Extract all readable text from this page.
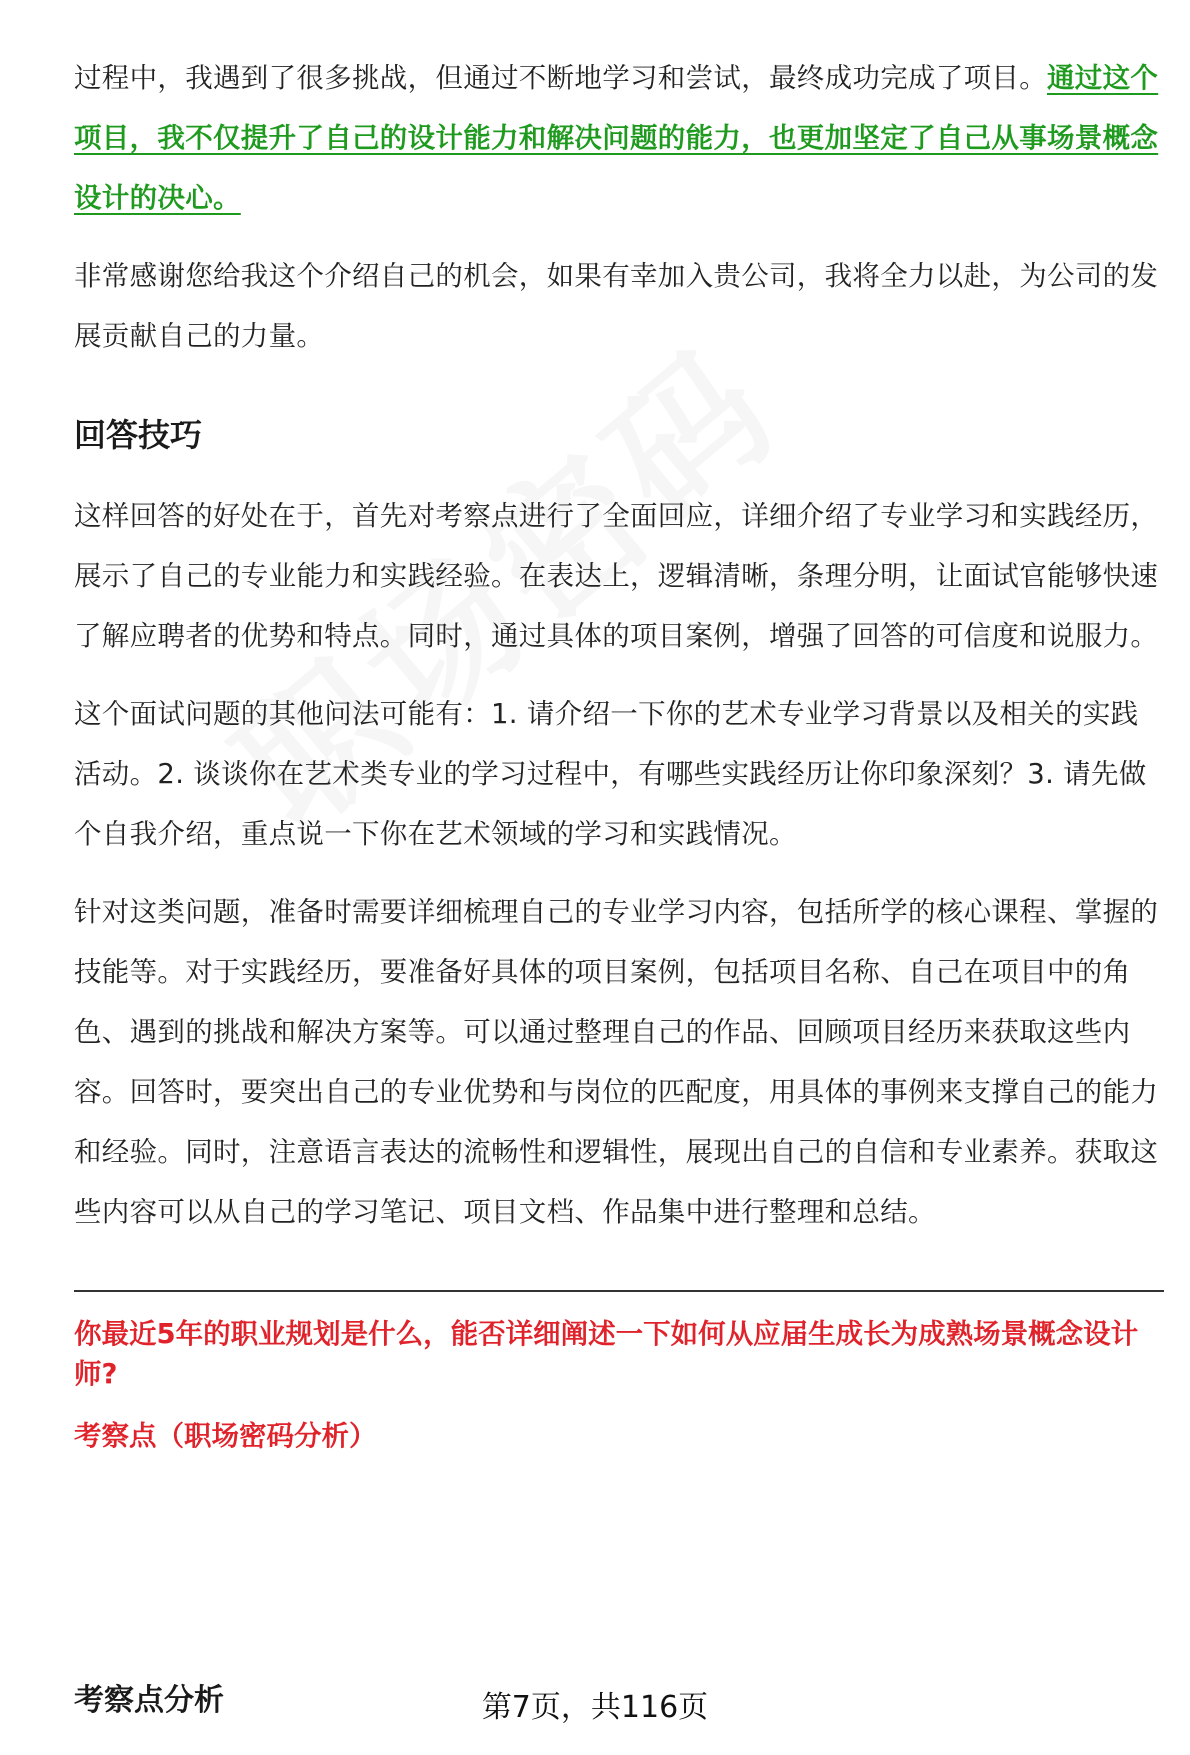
过程中，我遇到了很多挑战，但通过不断地学习和尝试，最终成功完成了项目。通过这个项目，我不仅提升了自己的设计能力和解决问题的能力，也更加坚定了自己从事场景概念设计的决心。

非常感谢您给我这个介绍自己的机会，如果有幸加入贵公司，我将全力以赴，为公司的发展贡献自己的力量。

回答技巧

这样回答的好处在于，首先对考察点进行了全面回应，详细介绍了专业学习和实践经历，展示了自己的专业能力和实践经验。在表达上，逻辑清晰，条理分明，让面试官能够快速了解应聘者的优势和特点。同时，通过具体的项目案例，增强了回答的可信度和说服力。

这个面试问题的其他问法可能有：1. 请介绍一下你的艺术专业学习背景以及相关的实践活动。2. 谈谈你在艺术类专业的学习过程中，有哪些实践经历让你印象深刻？3. 请先做个自我介绍，重点说一下你在艺术领域的学习和实践情况。

针对这类问题，准备时需要详细梳理自己的专业学习内容，包括所学的核心课程、掌握的技能等。对于实践经历，要准备好具体的项目案例，包括项目名称、自己在项目中的角色、遇到的挑战和解决方案等。可以通过整理自己的作品、回顾项目经历来获取这些内容。回答时，要突出自己的专业优势和与岗位的匹配度，用具体的事例来支撑自己的能力和经验。同时，注意语言表达的流畅性和逻辑性，展现出自己的自信和专业素养。获取这些内容可以从自己的学习笔记、项目文档、作品集中进行整理和总结。

你最近5年的职业规划是什么，能否详细阐述一下如何从应届生成长为成熟场景概念设计师?
考察点（职场密码分析）
考察点分析	第7页，共116页
